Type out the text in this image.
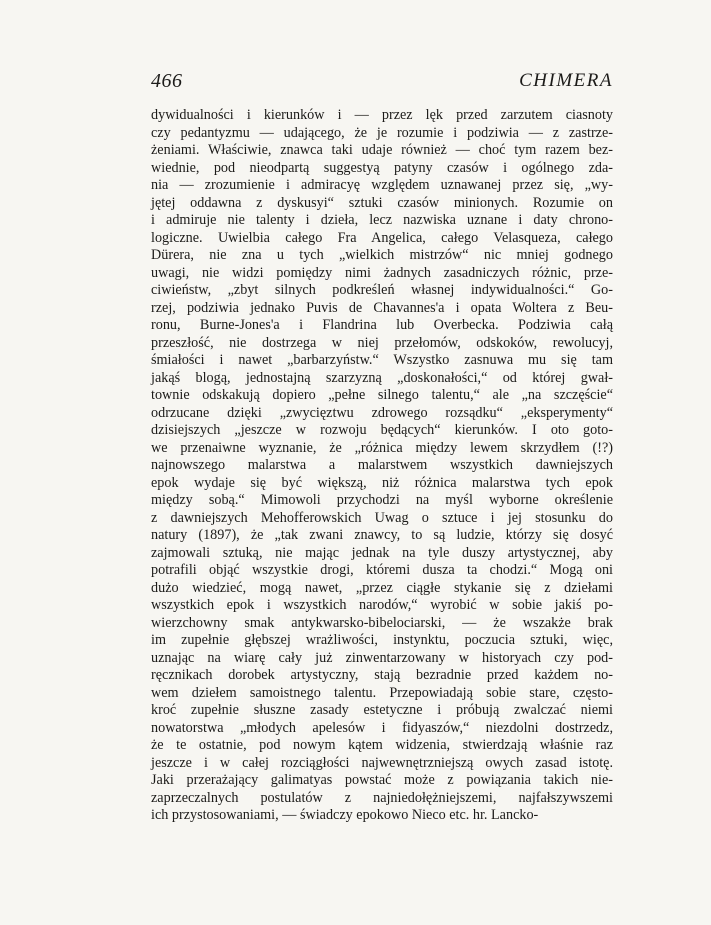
466	CHIMERA
dywidualności i kierunków i — przez lęk przed zarzutem ciasnoty
czy pedantyzmu — udającego, że je rozumie i podziwia — z zastrze-
żeniami. Właściwie, znawca taki udaje również — choć tym razem bez-
wiednie, pod nieodpartą suggestyą patyny czasów i ogólnego zda-
nia — zrozumienie i admiracyę względem uznawanej przez się, „wy-
jętej oddawna z dyskusyi“ sztuki czasów minionych. Rozumie on
i admiruje nie talenty i dzieła, lecz nazwiska uznane i daty chrono-
logiczne. Uwielbia całego Fra Angelica, całego Velasqueza, całego
Dürera, nie zna u tych „wielkich mistrzów“ nic mniej godnego
uwagi, nie widzi pomiędzy nimi żadnych zasadniczych różnic, prze-
ciwieństw, „zbyt silnych podkreśleń własnej indywidualności.“ Go-
rzej, podziwia jednako Puvis de Chavannes'a i opata Woltera z Beu-
ronu, Burne-Jones'a i Flandrina lub Overbecka. Podziwia całą
przeszłość, nie dostrzega w niej przełomów, odskoków, rewolucyj,
śmiałości i nawet „barbarzyństw.“ Wszystko zasnuwa mu się tam
jakąś blogą, jednostajną szarzyzną „doskonałości,“ od której gwał-
townie odskakują dopiero „pełne silnego talentu,“ ale „na szczęście“
odrzucane dzięki „zwycięztwu zdrowego rozsądku“ „eksperymenty“
dzisiejszych „jeszcze w rozwoju będących“ kierunków. I oto goto-
we przenaiwne wyznanie, że „różnica między lewem skrzydłem (!?)
najnowszego malarstwa a malarstwem wszystkich dawniejszych
epok wydaje się być większą, niż różnica malarstwa tych epok
między sobą.“ Mimowoli przychodzi na myśl wyborne określenie
z dawniejszych Mehofferowskich Uwag o sztuce i jej stosunku do
natury (1897), że „tak zwani znawcy, to są ludzie, którzy się dosyć
zajmowali sztuką, nie mając jednak na tyle duszy artystycznej, aby
potrafili objąć wszystkie drogi, któremi dusza ta chodzi.“ Mogą oni
dużo wiedzieć, mogą nawet, „przez ciągłe stykanie się z dziełami
wszystkich epok i wszystkich narodów,“ wyrobić w sobie jakiś po-
wierzchowny smak antykwarsko-bibelociarski, — że wszakże brak
im zupełnie głębszej wrażliwości, instynktu, poczucia sztuki, więc,
uznając na wiarę cały już zinwentarzowany w historyach czy pod-
ręcznikach dorobek artystyczny, stają bezradnie przed każdem no-
wem dziełem samoistnego talentu. Przepowiadają sobie stare, często-
kroć zupełnie słuszne zasady estetyczne i próbują zwalczać niemi
nowatorstwa „młodych apelesów i fidyaszów,“ niezdolni dostrzedz,
że te ostatnie, pod nowym kątem widzenia, stwierdzają właśnie raz
jeszcze i w całej rozciągłości najwewnętrzniejszą owych zasad istotę.
Jaki przerażający galimatyas powstać może z powiązania takich nie-
zaprzeczalnych postulatów z najniedołężniejszemi, najfałszywszemi
ich przystosowaniami, — świadczy epokowo Nieco etc. hr. Lancko-
